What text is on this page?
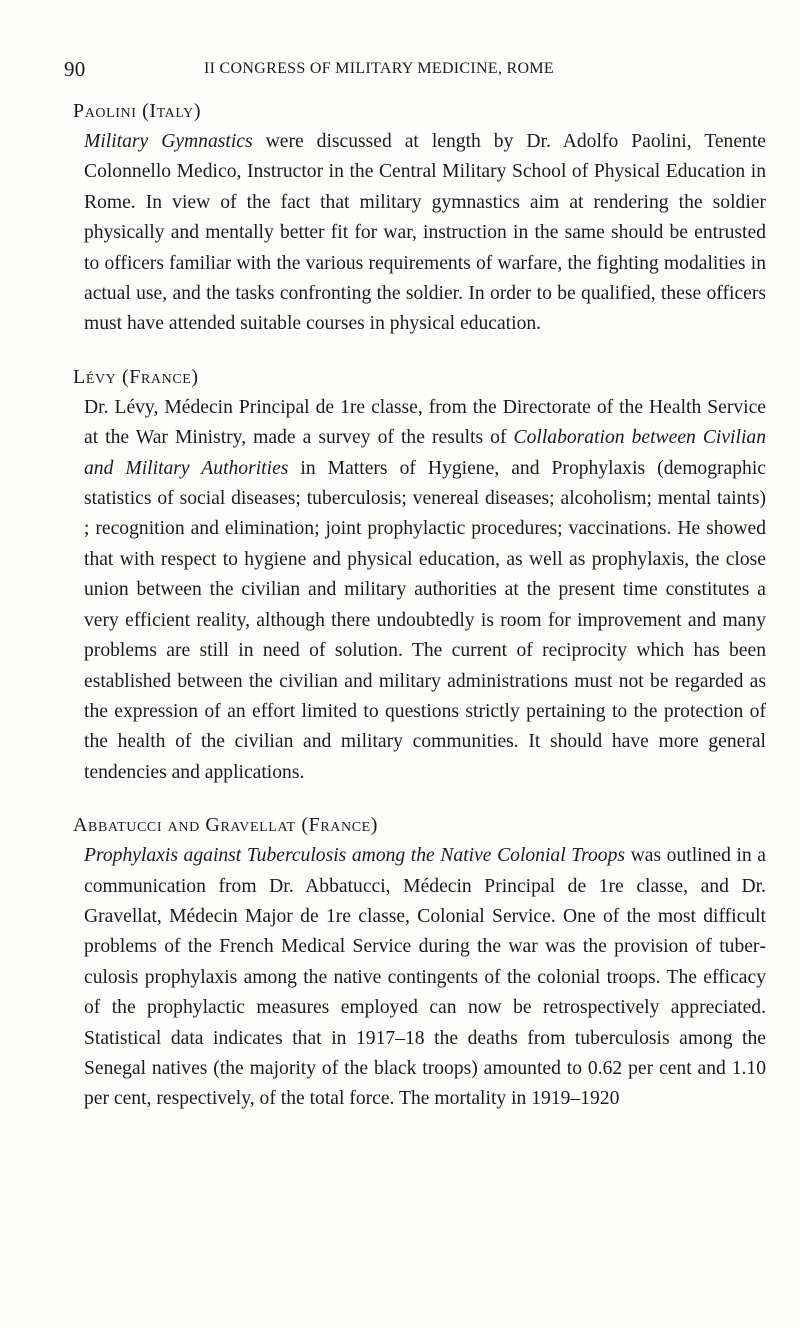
90	II CONGRESS OF MILITARY MEDICINE, ROME
Paolini (Italy)

Military Gymnastics were discussed at length by Dr. Adolfo Paolini, Tenente Colonnello Medico, Instructor in the Central Military School of Physical Education in Rome. In view of the fact that military gymnastics aim at rendering the soldier physically and mentally better fit for war, instruction in the same should be entrusted to officers familiar with the various requirements of warfare, the fighting modalities in actual use, and the tasks confronting the soldier. In order to be qualified, these officers must have attended suitable courses in physical education.

Lévy (France)

Dr. Lévy, Médecin Principal de 1re classe, from the Directorate of the Health Service at the War Ministry, made a survey of the results of Collaboration between Civilian and Military Authorities in Matters of Hygiene, and Prophylaxis (demographic statistics of social diseases; tuberculosis; venereal diseases; alcoholism; mental taints) ; recognition and elimination; joint prophylactic procedures; vaccinations. He showed that with respect to hygiene and physical education, as well as prophylaxis, the close union between the civilian and military authorities at the present time constitutes a very efficient reality, although there undoubtedly is room for improvement and many problems are still in need of solution. The current of reciprocity which has been established between the civilian and military administrations must not be regarded as the expression of an effort limited to questions strictly pertaining to the protection of the health of the civilian and military communities. It should have more general tendencies and applications.

Abbatucci and Gravellat (France)

Prophylaxis against Tuberculosis among the Native Colonial Troops was outlined in a communication from Dr. Abbatucci, Médecin Principal de 1re classe, and Dr. Gravellat, Médecin Major de 1re classe, Colonial Service. One of the most difficult problems of the French Medical Service during the war was the provision of tuberculosis prophylaxis among the native contingents of the colonial troops. The efficacy of the prophylactic measures employed can now be retrospectively appreciated. Statistical data indicates that in 1917–18 the deaths from tuberculosis among the Senegal natives (the majority of the black troops) amounted to 0.62 per cent and 1.10 per cent, respectively, of the total force. The mortality in 1919–1920
